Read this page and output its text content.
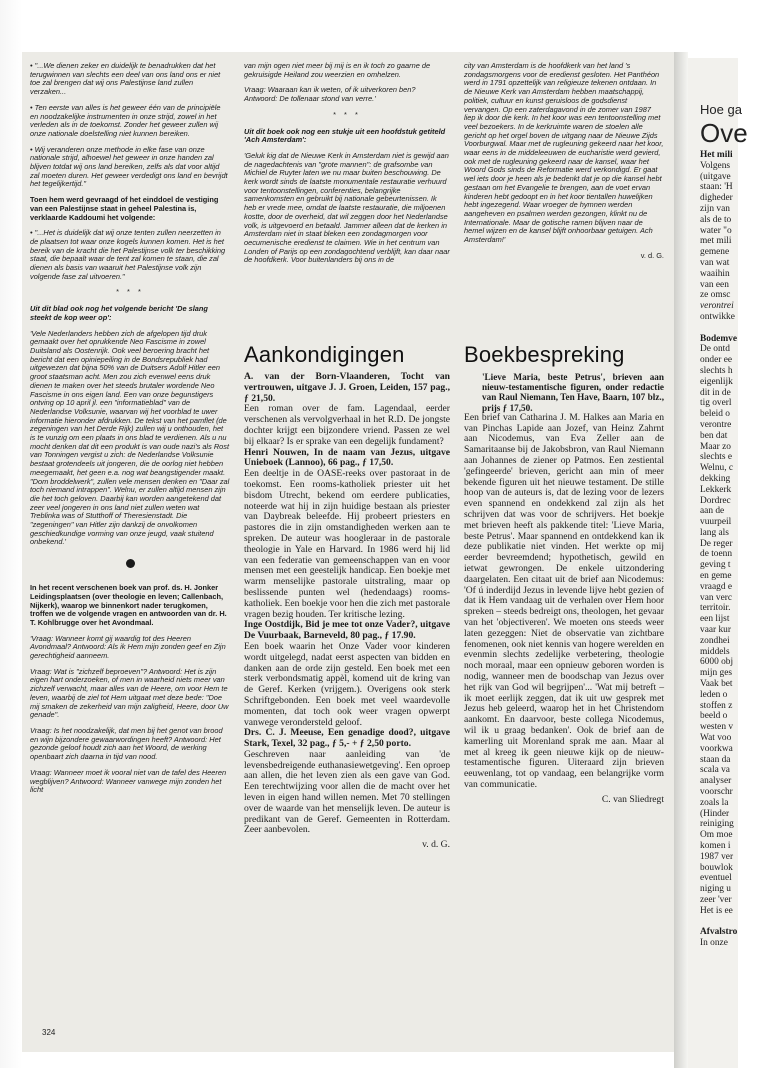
• "...We dienen zeker en duidelijk te benadrukken dat het terugwinnen van slechts een deel van ons land ons er niet toe zal brengen dat wij ons Palestijnse land zullen verzaken...

• Ten eerste van alles is het geweer één van de principiële en noodzakelijke instrumenten in onze strijd, zowel in het verleden als in de toekomst. Zonder het geweer zullen wij onze nationale doelstelling niet kunnen bereiken.

• Wij veranderen onze methode in elke fase van onze nationale strijd, alhoewel het geweer in onze handen zal blijven totdat wij ons land bereiken, zelfs als dat voor altijd zal moeten duren. Het geweer verdedigt ons land en bevrijdt het tegelijkertijd."

Toen hem werd gevraagd of het einddoel de vestiging van een Palestijnse staat in geheel Palestina is, verklaarde Kaddoumi het volgende:

• "...Het is duidelijk dat wij onze tenten zullen neerzetten in de plaatsen tot waar onze kogels kunnen komen. Het is het bereik van de kracht die het Palestijnse volk ter beschikking staat, die bepaalt waar de tent zal komen te staan, die zal dienen als basis van waaruit het Palestijnse volk zijn volgende fase zal uitvoeren."

* * *

Uit dit blad ook nog het volgende bericht 'De slang steekt de kop weer op':

'Vele Nederlanders hebben zich de afgelopen tijd druk gemaakt over het oprukkende Neo Fascisme in zowel Duitsland als Oostenrijk. Ook veel beroering bracht het bericht dat een opiniepeiling in de Bondsrepubliek had uitgewezen dat bijna 50% van de Duitsers Adolf Hitler een groot staatsman acht. Men zou zich evenwel eens druk dienen te maken over het steeds brutaler wordende Neo Fascisme in ons eigen land. Een van onze begunstigers ontving op 10 april jl. een "informatieblad" van de Nederlandse Volksunie, waarvan wij het voorblad te uwer informatie hieronder afdrukken. De tekst van het pamflet (de zegeningen van het Derde Rijk) zullen wij u onthouden, het is te vunzig om een plaats in ons blad te verdienen. Als u nu mocht denken dat dit een produkt is van oude nazi's als Rost van Tonningen vergist u zich: de Nederlandse Volksunie bestaat grotendeels uit jongeren, die de oorlog niet hebben meegemaakt, het geen e.a. nog wat beangstigender maakt. "Dom broddelwerk", zullen vele mensen denken en "Daar zal toch niemand intrappen". Welnu, er zullen altijd mensen zijn die het toch geloven. Daarbij kan worden aangetekend dat zeer veel jongeren in ons land niet zullen weten wat Treblinka was of Stutthoff of Theresienstadt. Die "zegeningen" van Hitler zijn dankzij de onvolkomen geschiedkundige vorming van onze jeugd, vaak stuitend onbekend.'

In het recent verschenen boek van prof. ds. H. Jonker Leidingsplaatsen (over theologie en leven; Callenbach, Nijkerk), waarop we binnenkort nader terugkomen, troffen we de volgende vragen en antwoorden van dr. H. T. Kohlbrugge over het Avondmaal.

'Vraag: Wanneer komt gij waardig tot des Heeren Avondmaal? Antwoord: Als ik Hem mijn zonden geef en Zijn gerechtigheid aanneem.

Vraag: Wat is "zichzelf beproeven"? Antwoord: Het is zijn eigen hart onderzoeken, of men in waarheid niets meer van zichzelf verwacht, maar alles van de Heere, om voor Hem te leven, waarbij de ziel tot Hem uitgaat met deze bede: "Doe mij smaken de zekerheid van mijn zaligheid, Heere, door Uw genade".

Vraag: Is het noodzakelijk, dat men bij het genot van brood en wijn bijzondere gewaarwordingen heeft? Antwoord: Het gezonde geloof houdt zich aan het Woord, de werking openbaart zich daarna in tijd van nood.

Vraag: Wanneer moet ik vooral niet van de tafel des Heeren wegblijven? Antwoord: Wanneer vanwege mijn zonden het licht

van mijn ogen niet meer bij mij is en ik toch zo gaarne de gekruisigde Heiland zou weerzien en omhelzen.

Vraag: Waaraan kan ik weten, of ik uitverkoren ben? Antwoord: De tollenaar stond van verre.'

* * *

Uit dit boek ook nog een stukje uit een hoofdstuk getiteld 'Ach Amsterdam':

'Geluk kig dat de Nieuwe Kerk in Amsterdam niet is gewijd aan de nagedachtenis van "grote mannen": de grafsombe van Michiel de Ruyter laten we nu maar buiten beschouwing. De kerk wordt sinds de laatste monumentale restauratie verhuurd voor tentoonstellingen, conferenties, belangrijke samenkomsten en gebruikt bij nationale gebeurtenissen. Ik heb er vrede mee, omdat de laatste restauratie, die miljoenen kostte, door de overheid, dat wil zeggen door het Nederlandse volk, is uitgevoerd en betaald. Jammer alleen dat de kerken in Amsterdam niet in staat bleken een zondagmorgen voor oecumenische eredienst te claimen. Wie in het centrum van Londen of Parijs op een zondagochtend verblijft, kan daar naar de hoofdkerk. Voor buitenlanders bij ons in de

city van Amsterdam is de hoofdkerk van het land 's zondagsmorgens voor de eredienst gesloten. Het Panthéon werd in 1791 opzettelijk van religieuze tekenen ontdaan. In de Nieuwe Kerk van Amsterdam hebben maatschappij, politiek, cultuur en kunst geruisloos de godsdienst vervangen. Op een zaterdagavond in de zomer van 1987 liep ik door die kerk. In het koor was een tentoonstelling met veel bezoekers. In de kerkruimte waren de stoelen alle gericht op het orgel boven de uitgang naar de Nieuwe Zijds Voorburgwal. Maar met de rugleuning gekeerd naar het koor, waar eens in de middeleeuwen de eucharistie werd gevierd, ook met de rugleuning gekeerd naar de kansel, waar het Woord Gods sinds de Reformatie werd verkondigd. Er gaat wel iets door je heen als je bedenkt dat je op die kansel hebt gestaan om het Evangelie te brengen, aan de voet ervan kinderen hebt gedoopt en in het koor tientallen huwelijken hebt ingezegend. Waar vroeger de hymnen werden aangeheven en psalmen werden gezongen, klinkt nu de Internationale. Maar de gotische ramen blijven naar de hemel wijzen en de kansel blijft onhoorbaar getuigen. Ach Amsterdam!'

v. d. G.
Aankondigingen

A. van der Born-Vlaanderen, Tocht van vertrouwen, uitgave J. J. Groen, Leiden, 157 pag., ƒ 21,50.

Een roman over de fam. Lagendaal, eerder verschenen als vervolgverhaal in het R.D. De jongste dochter krijgt een bijzondere vriend. Passen ze wel bij elkaar? Is er sprake van een degelijk fundament?

Henri Nouwen, In de naam van Jezus, uitgave Unieboek (Lannoo), 66 pag., ƒ 17,50.

Een deeltje in de OASE-reeks over pastoraat in de toekomst. Een rooms-katholiek priester uit het bisdom Utrecht, bekend om eerdere publicaties, noteerde wat hij in zijn huidige bestaan als priester van Daybreak beleefde. Hij probeert priesters en pastores die in zijn omstandigheden werken aan te spreken. De auteur was hoogleraar in de pastorale theologie in Yale en Harvard. In 1986 werd hij lid van een federatie van gemeenschappen van en voor mensen met een geestelijk handicap. Een boekje met warm menselijke pastorale uitstraling, maar op beslissende punten wel (hedendaags) rooms-katholiek. Een boekje voor hen die zich met pastorale vragen bezig houden. Ter kritische lezing.

Inge Oostdijk, Bid je mee tot onze Vader?, uitgave De Vuurbaak, Barneveld, 80 pag., ƒ 17.90.

Een boek waarin het Onze Vader voor kinderen wordt uitgelegd, nadat eerst aspecten van bidden en danken aan de orde zijn gesteld. Een boek met een sterk verbondsmatig appèl, komend uit de kring van de Geref. Kerken (vrijgem.). Overigens ook sterk Schriftgebonden. Een boek met veel waardevolle momenten, dat toch ook weer vragen opwerpt vanwege verondersteld geloof.

Drs. C. J. Meeuse, Een genadige dood?, uitgave Stark, Texel, 32 pag., ƒ 5,- + ƒ 2,50 porto.

Geschreven naar aanleiding van 'de levensbedreigende euthanasiewetgeving'. Een oproep aan allen, die het leven zien als een gave van God. Een terechtwijzing voor allen die de macht over het leven in eigen hand willen nemen. Met 70 stellingen over de waarde van het menselijk leven. De auteur is predikant van de Geref. Gemeenten in Rotterdam. Zeer aanbevolen.

v. d. G.
Boekbespreking

'Lieve Maria, beste Petrus', brieven aan nieuw-testamentische figuren, onder redactie van Raul Niemann, Ten Have, Baarn, 107 blz., prijs ƒ 17,50.

Een brief van Catharina J. M. Halkes aan Maria en van Pinchas Lapide aan Jozef, van Heinz Zahrnt aan Nicodemus, van Eva Zeller aan de Samaritaanse bij de Jakobsbron, van Raul Niemann aan Johannes de ziener op Patmos. Een zestiental 'gefingeerde' brieven, gericht aan min of meer bekende figuren uit het nieuwe testament. De stille hoop van de auteurs is, dat de lezing voor de lezers even spannend en ondekkend zal zijn als het schrijven dat was voor de schrijvers. Het boekje met brieven heeft als pakkende titel: 'Lieve Maria, beste Petrus'. Maar spannend en ontdekkend kan ik deze publikatie niet vinden. Het werkte op mij eerder bevreemdend; hypothetisch, gewild en ietwat gewrongen. De enkele uitzondering daargelaten. Een citaat uit de brief aan Nicodemus: 'Of ú inderdijd Jezus in levende lijve hebt gezien of dat ik Hem vandaag uit de verhalen over Hem hoor spreken – steeds bedreigt ons, theologen, het gevaar van het 'objectiveren'. We moeten ons steeds weer laten gezeggen: Niet de observatie van zichtbare fenomenen, ook niet kennis van hogere werelden en evenmin slechts zedelijke verbetering, theologie noch moraal, maar een opnieuw geboren worden is nodig, wanneer men de boodschap van Jezus over het rijk van God wil begrijpen'... 'Wat mij betreft – ik moet eerlijk zeggen, dat ik uit uw gesprek met Jezus heb geleerd, waarop het in het Christendom aankomt. En daarvoor, beste collega Nicodemus, wil ik u graag bedanken'. Ook de brief aan de kamerling uit Morenland sprak me aan. Maar al met al kreeg ik geen nieuwe kijk op de nieuw-testamentische figuren. Uiteraard zijn brieven eeuwenlang, tot op vandaag, een belangrijke vorm van communicatie.

C. van Sliedregt
324
Hoe ga
Ove
Het mili
Volgens
(uitgave
staan: 'H
digheder
zijn van
als de to
water "o
met mili
gemene
van wat
waaihin
van een
ze omsc
verontrei
ontwikke
Bodemve
De ontd
onder ee
slechts h
eigenlijk
dit in de
tig overl
beleid o
verontre
ben dat
Maar zo
slechts e
Welnu, c
dekking
Lekkerk
Dordrec
aan de
vuurpeil
lang als
De reger
de toenn
geving t
en geme
vraagd e
van verc
territoir.
een lijst
vaar kur
zondhei
middels
6000 obj
mijn ges
Vaak bet
leden o
stoffen z
beeld o
westen v
Wat voo
voorkwa
staan da
scala va
analyser
voorschr
zoals la
(Hinder
reiniging
Om moe
komen i
1987 ver
bouwlok
eventuel
niging u
zeer 'ver
Het is ee
Afvalstro
In onze
